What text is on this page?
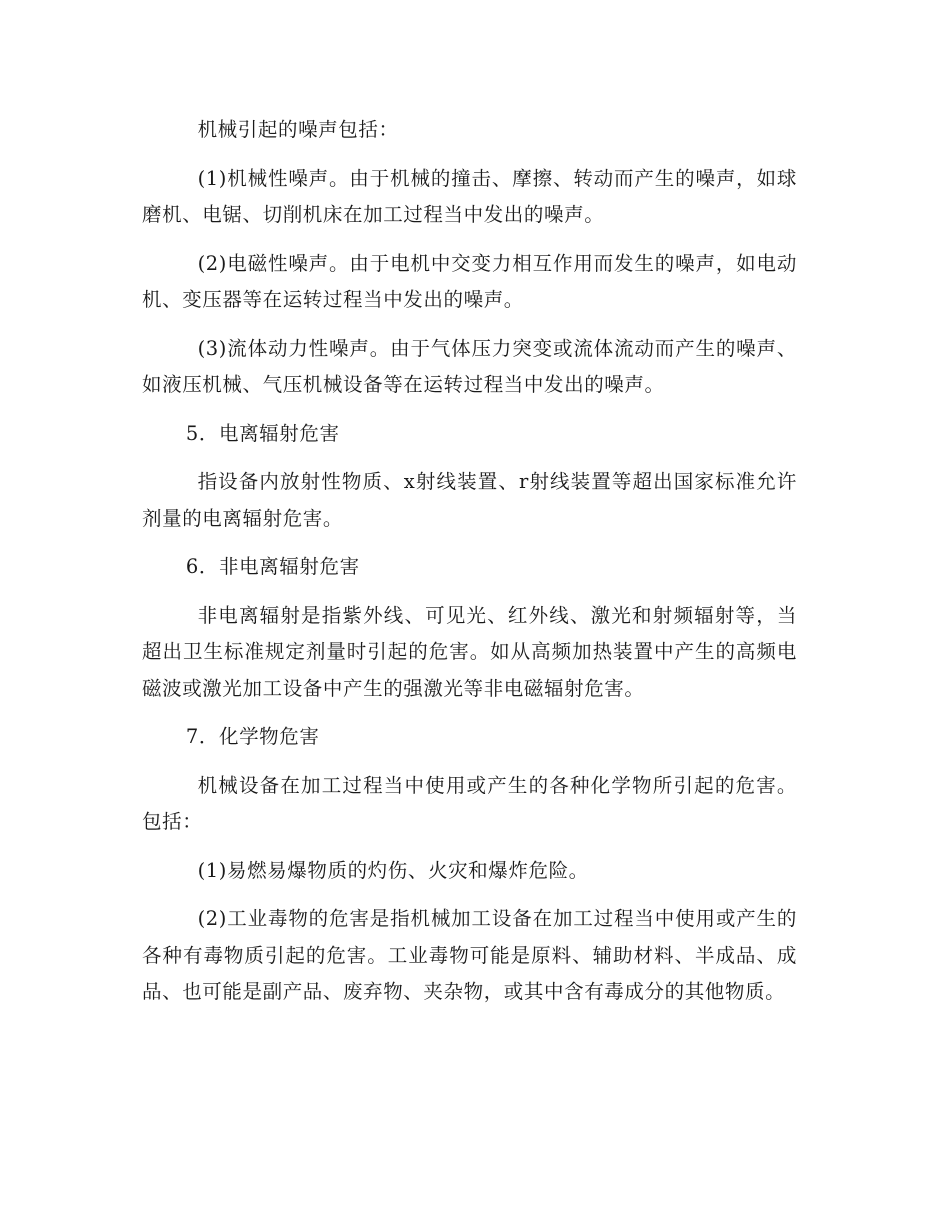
机械引起的噪声包括：

(1)机械性噪声。由于机械的撞击、摩擦、转动而产生的噪声，如球磨机、电锯、切削机床在加工过程当中发出的噪声。

(2)电磁性噪声。由于电机中交变力相互作用而发生的噪声，如电动机、变压器等在运转过程当中发出的噪声。

(3)流体动力性噪声。由于气体压力突变或流体流动而产生的噪声、如液压机械、气压机械设备等在运转过程当中发出的噪声。

5．电离辐射危害

指设备内放射性物质、x射线装置、r射线装置等超出国家标准允许剂量的电离辐射危害。

6．非电离辐射危害

非电离辐射是指紫外线、可见光、红外线、激光和射频辐射等，当超出卫生标准规定剂量时引起的危害。如从高频加热装置中产生的高频电磁波或激光加工设备中产生的强激光等非电磁辐射危害。

7．化学物危害

机械设备在加工过程当中使用或产生的各种化学物所引起的危害。包括：

(1)易燃易爆物质的灼伤、火灾和爆炸危险。

(2)工业毒物的危害是指机械加工设备在加工过程当中使用或产生的各种有毒物质引起的危害。工业毒物可能是原料、辅助材料、半成品、成品、也可能是副产品、废弃物、夹杂物，或其中含有毒成分的其他物质。
